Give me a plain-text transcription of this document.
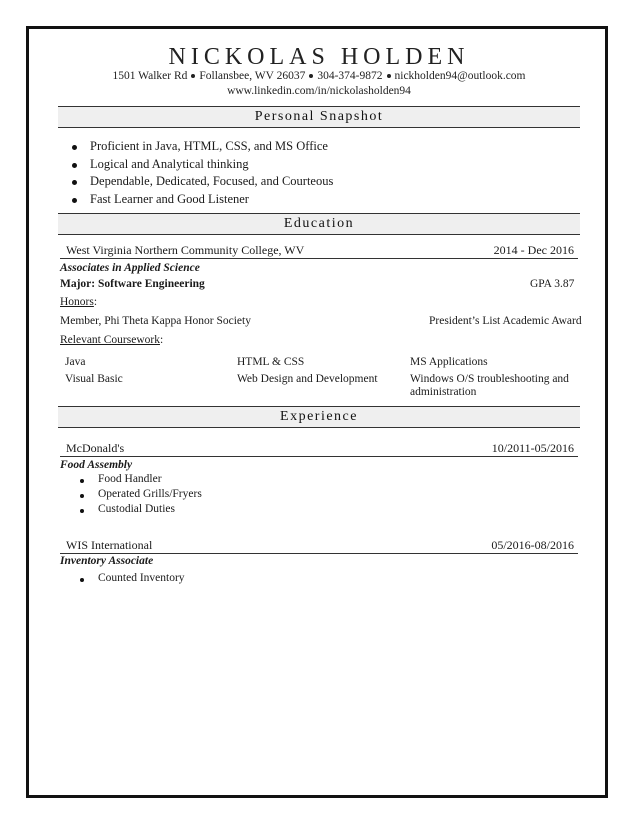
NICKOLAS HOLDEN
1501 Walker Rd Follansbee, WV 26037 304-374-9872 nickholden94@outlook.com
www.linkedin.com/in/nickolasholden94
Personal Snapshot
Proficient in Java, HTML, CSS, and MS Office
Logical and Analytical thinking
Dependable, Dedicated, Focused, and Courteous
Fast Learner and Good Listener
Education
West Virginia Northern Community College, WV	2014 - Dec 2016
Associates in Applied Science
Major: Software Engineering	GPA 3.87
Honors:
Member, Phi Theta Kappa Honor Society	President’s List Academic Award
Relevant Coursework:
Java	HTML & CSS	MS Applications
Visual Basic	Web Design and Development	Windows O/S troubleshooting and administration
Experience
McDonald's	10/2011-05/2016
Food Assembly
Food Handler
Operated Grills/Fryers
Custodial Duties
WIS International	05/2016-08/2016
Inventory Associate
Counted Inventory
